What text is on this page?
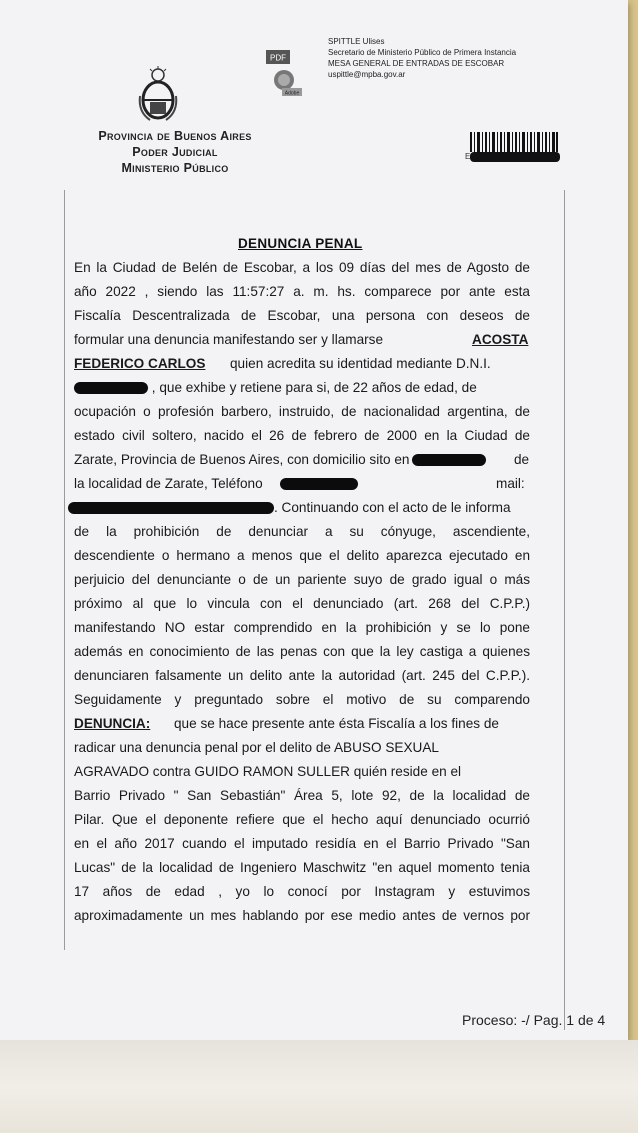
PDF
Adobe
SPITTLE Ulises
Secretario de Ministerio Público de Primera Instancia
MESA GENERAL DE ENTRADAS DE ESCOBAR
uspittle@mpba.gov.ar
Provincia de Buenos Aires
Poder Judicial
Ministerio Público
E
DENUNCIA PENAL
En la Ciudad de Belén de Escobar, a los 09 días del mes de Agosto de
año 2022 , siendo las 11:57:27 a. m. hs. comparece por ante esta
Fiscalía Descentralizada de Escobar, una persona con deseos de
formular una denuncia manifestando ser y llamarse	ACOSTA
FEDERICO CARLOS quien acredita su identidad mediante D.N.I.
, que exhibe y retiene para si, de 22 años de edad, de
ocupación o profesión barbero, instruido, de nacionalidad argentina, de
estado civil soltero, nacido el 26 de febrero de 2000 en la Ciudad de
Zarate, Provincia de Buenos Aires, con domicilio sito en	de
la localidad de Zarate, Teléfono	mail:
. Continuando con el acto de le informa
de la prohibición de denunciar a su cónyuge, ascendiente,
descendiente o hermano a menos que el delito aparezca ejecutado en
perjuicio del denunciante o de un pariente suyo de grado igual o más
próximo al que lo vincula con el denunciado (art. 268 del C.P.P.)
manifestando NO estar comprendido en la prohibición y se lo pone
además en conocimiento de las penas con que la ley castiga a quienes
denunciaren falsamente un delito ante la autoridad (art. 245 del C.P.P.).
Seguidamente y preguntado sobre el motivo de su comparendo
DENUNCIA: que se hace presente ante ésta Fiscalía a los fines de
radicar una denuncia penal por el delito de ABUSO SEXUAL
AGRAVADO contra GUIDO RAMON SULLER quién reside en el
Barrio Privado " San Sebastián" Área 5, lote 92, de la localidad de
Pilar. Que el deponente refiere que el hecho aquí denunciado ocurrió
en el año 2017 cuando el imputado residía en el Barrio Privado "San
Lucas" de la localidad de Ingeniero Maschwitz "en aquel momento tenia
17 años de edad , yo lo conocí por Instagram y estuvimos
aproximadamente un mes hablando por ese medio antes de vernos por
Proceso: -/ Pag. 1 de 4
